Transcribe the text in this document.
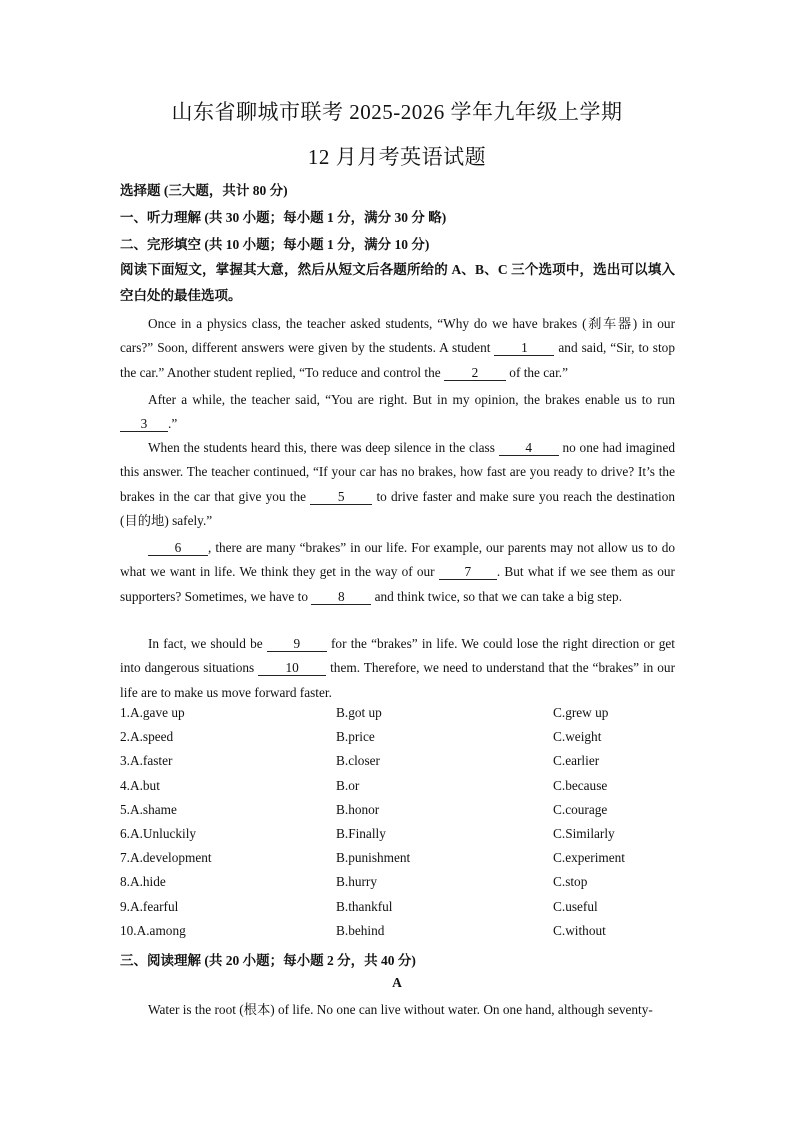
山东省聊城市联考 2025-2026 学年九年级上学期
12 月月考英语试题
选择题 (三大题，共计 80 分)
一、听力理解 (共 30 小题；每小题 1 分，满分 30 分 略)
二、完形填空 (共 10 小题；每小题 1 分，满分 10 分)
阅读下面短文，掌握其大意，然后从短文后各题所给的 A、B、C 三个选项中，选出可以填入空白处的最佳选项。
Once in a physics class, the teacher asked students, “Why do we have brakes (刹车器) in our cars?” Soon, different answers were given by the students. A student 1 and said, “Sir, to stop the car.” Another student replied, “To reduce and control the 2 of the car.”
After a while, the teacher said, “You are right. But in my opinion, the brakes enable us to run 3 .”
When the students heard this, there was deep silence in the class 4 no one had imagined this answer. The teacher continued, “If your car has no brakes, how fast are you ready to drive? It’s the brakes in the car that give you the 5 to drive faster and make sure you reach the destination (目的地) safely.”
6 , there are many “brakes” in our life. For example, our parents may not allow us to do what we want in life. We think they get in the way of our 7 . But what if we see them as our supporters? Sometimes, we have to 8 and think twice, so that we can take a big step.
In fact, we should be 9 for the “brakes” in life. We could lose the right direction or get into dangerous situations 10 them. Therefore, we need to understand that the “brakes” in our life are to make us move forward faster.
1.A.gave up	B.got up	C.grew up
2.A.speed	B.price	C.weight
3.A.faster	B.closer	C.earlier
4.A.but	B.or	C.because
5.A.shame	B.honor	C.courage
6.A.Unluckily	B.Finally	C.Similarly
7.A.development	B.punishment	C.experiment
8.A.hide	B.hurry	C.stop
9.A.fearful	B.thankful	C.useful
10.A.among	B.behind	C.without
三、阅读理解 (共 20 小题；每小题 2 分，共 40 分)
A
Water is the root (根本) of life. No one can live without water. On one hand, although seventy-
